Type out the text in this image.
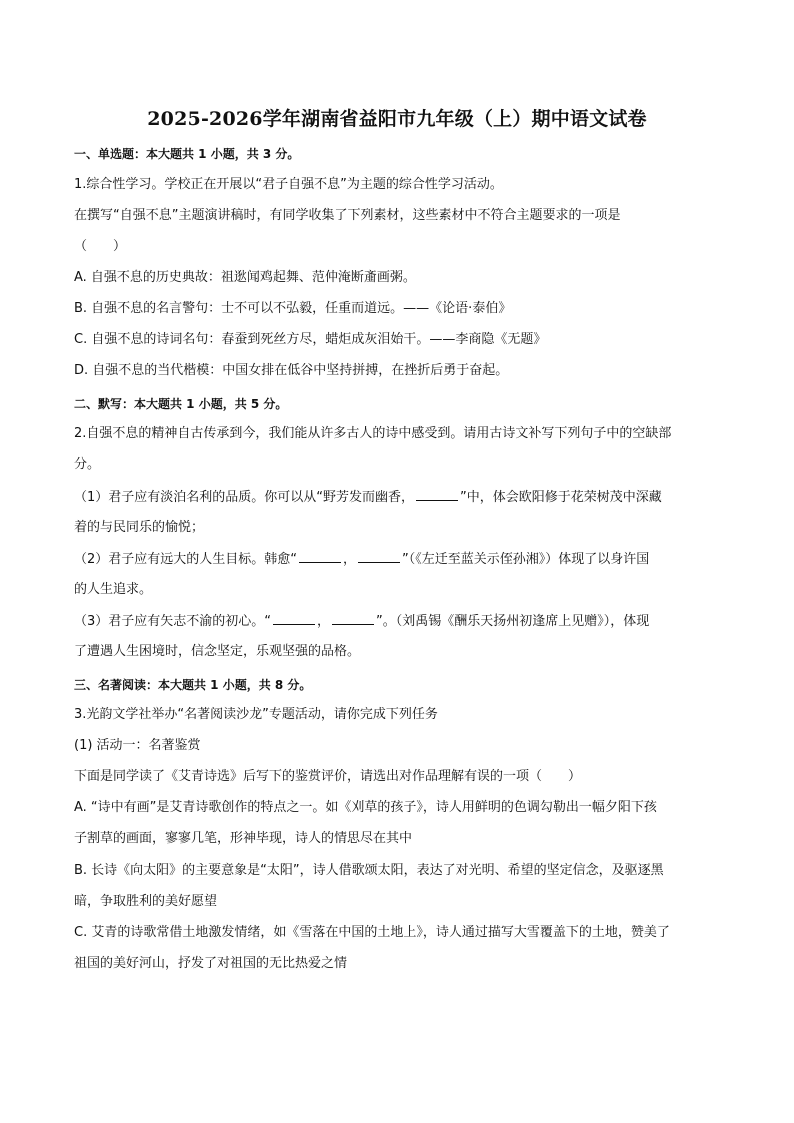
2025-2026学年湖南省益阳市九年级（上）期中语文试卷
一、单选题：本大题共 1 小题，共 3 分。
1.综合性学习。学校正在开展以“君子自强不息”为主题的综合性学习活动。
在撰写“自强不息”主题演讲稿时，有同学收集了下列素材，这些素材中不符合主题要求的一项是
（　　）
A. 自强不息的历史典故：祖逖闻鸡起舞、范仲淹断齑画粥。
B. 自强不息的名言警句：士不可以不弘毅，任重而道远。——《论语·泰伯》
C. 自强不息的诗词名句：春蚕到死丝方尽，蜡炬成灰泪始干。——李商隐《无题》
D. 自强不息的当代楷模：中国女排在低谷中坚持拼搏，在挫折后勇于奋起。
二、默写：本大题共 1 小题，共 5 分。
2.自强不息的精神自古传承到今，我们能从许多古人的诗中感受到。请用古诗文补写下列句子中的空缺部
分。
（1）君子应有淡泊名利的品质。你可以从“野芳发而幽香，	”中，体会欧阳修于花荣树茂中深藏
着的与民同乐的愉悦；
（2）君子应有远大的人生目标。韩愈“	，	”（《左迁至蓝关示侄孙湘》）体现了以身许国
的人生追求。
（3）君子应有矢志不渝的初心。“	，	”。（刘禹锡《酬乐天扬州初逢席上见赠》），体现
了遭遇人生困境时，信念坚定，乐观坚强的品格。
三、名著阅读：本大题共 1 小题，共 8 分。
3.光韵文学社举办“名著阅读沙龙”专题活动，请你完成下列任务
(1) 活动一：名著鉴赏
下面是同学读了《艾青诗选》后写下的鉴赏评价，请选出对作品理解有误的一项（　　）
A. “诗中有画”是艾青诗歌创作的特点之一。如《刈草的孩子》，诗人用鲜明的色调勾勒出一幅夕阳下孩
子割草的画面，寥寥几笔，形神毕现，诗人的情思尽在其中
B. 长诗《向太阳》的主要意象是“太阳”，诗人借歌颂太阳，表达了对光明、希望的坚定信念，及驱逐黑
暗，争取胜利的美好愿望
C. 艾青的诗歌常借土地激发情绪，如《雪落在中国的土地上》，诗人通过描写大雪覆盖下的土地，赞美了
祖国的美好河山，抒发了对祖国的无比热爱之情
